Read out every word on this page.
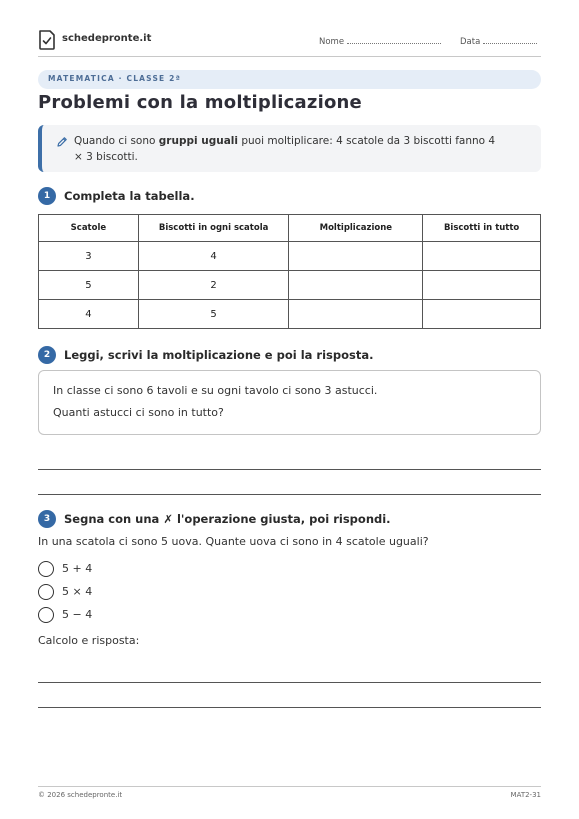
schedepronte.it	Nome	Data
MATEMATICA · CLASSE 2ª
Problemi con la moltiplicazione
Quando ci sono gruppi uguali puoi moltiplicare: 4 scatole da 3 biscotti fanno 4 × 3 biscotti.
1	Completa la tabella.
Scatole	Biscotti in ogni scatola	Moltiplicazione	Biscotti in tutto
3	4		
5	2		
4	5		
2	Leggi, scrivi la moltiplicazione e poi la risposta.
In classe ci sono 6 tavoli e su ogni tavolo ci sono 3 astucci.
Quanti astucci ci sono in tutto?
3	Segna con una ✗ l'operazione giusta, poi rispondi.
In una scatola ci sono 5 uova. Quante uova ci sono in 4 scatole uguali?
5 + 4
5 × 4
5 − 4
Calcolo e risposta:
© 2026 schedepronte.it	MAT2-31
